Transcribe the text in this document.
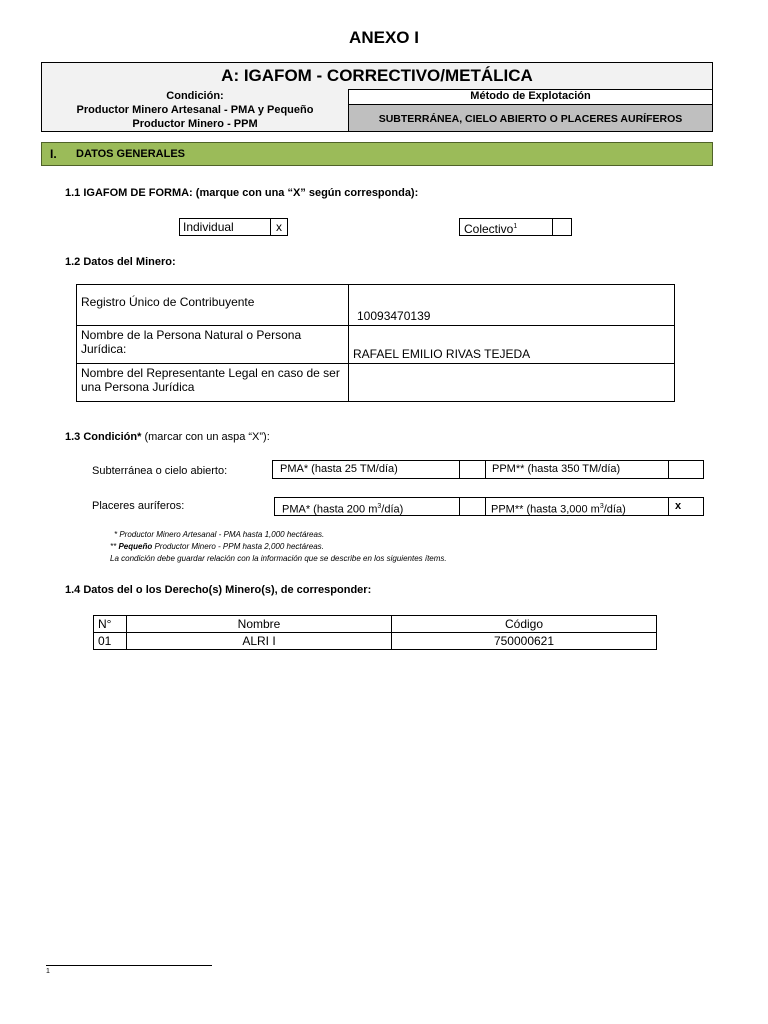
ANEXO I
A: IGAFOM - CORRECTIVO/METÁLICA
Condición:
Productor Minero Artesanal - PMA y Pequeño
Productor Minero - PPM
Método de Explotación
SUBTERRÁNEA, CIELO ABIERTO O PLACERES AURÍFEROS
I. DATOS GENERALES
1.1 IGAFOM DE FORMA: (marque con una “X” según corresponda):
Individual	x	Colectivo$^1$
1.2 Datos del Minero:
Registro Único de Contribuyente	10093470139
Nombre de la Persona Natural o Persona Jurídica:	RAFAEL EMILIO RIVAS TEJEDA
Nombre del Representante Legal en caso de ser una Persona Jurídica	
1.3 Condición* (marcar con un aspa “X”):
Subterránea o cielo abierto:	PMA* (hasta 25 TM/día)	PPM** (hasta 350 TM/día)
Placeres auríferos:	PMA* (hasta 200 $m^3/día$)	PPM** (hasta 3,000 $m^3/día$)	x
* Productor Minero Artesanal - PMA hasta 1,000 hectáreas.
** Pequeño Productor Minero - PPM hasta 2,000 hectáreas.
La condición debe guardar relación con la información que se describe en los siguientes ítems.
1.4 Datos del o los Derecho(s) Minero(s), de corresponder:
N°	Nombre	Código
01	ALRI I	750000621
1
